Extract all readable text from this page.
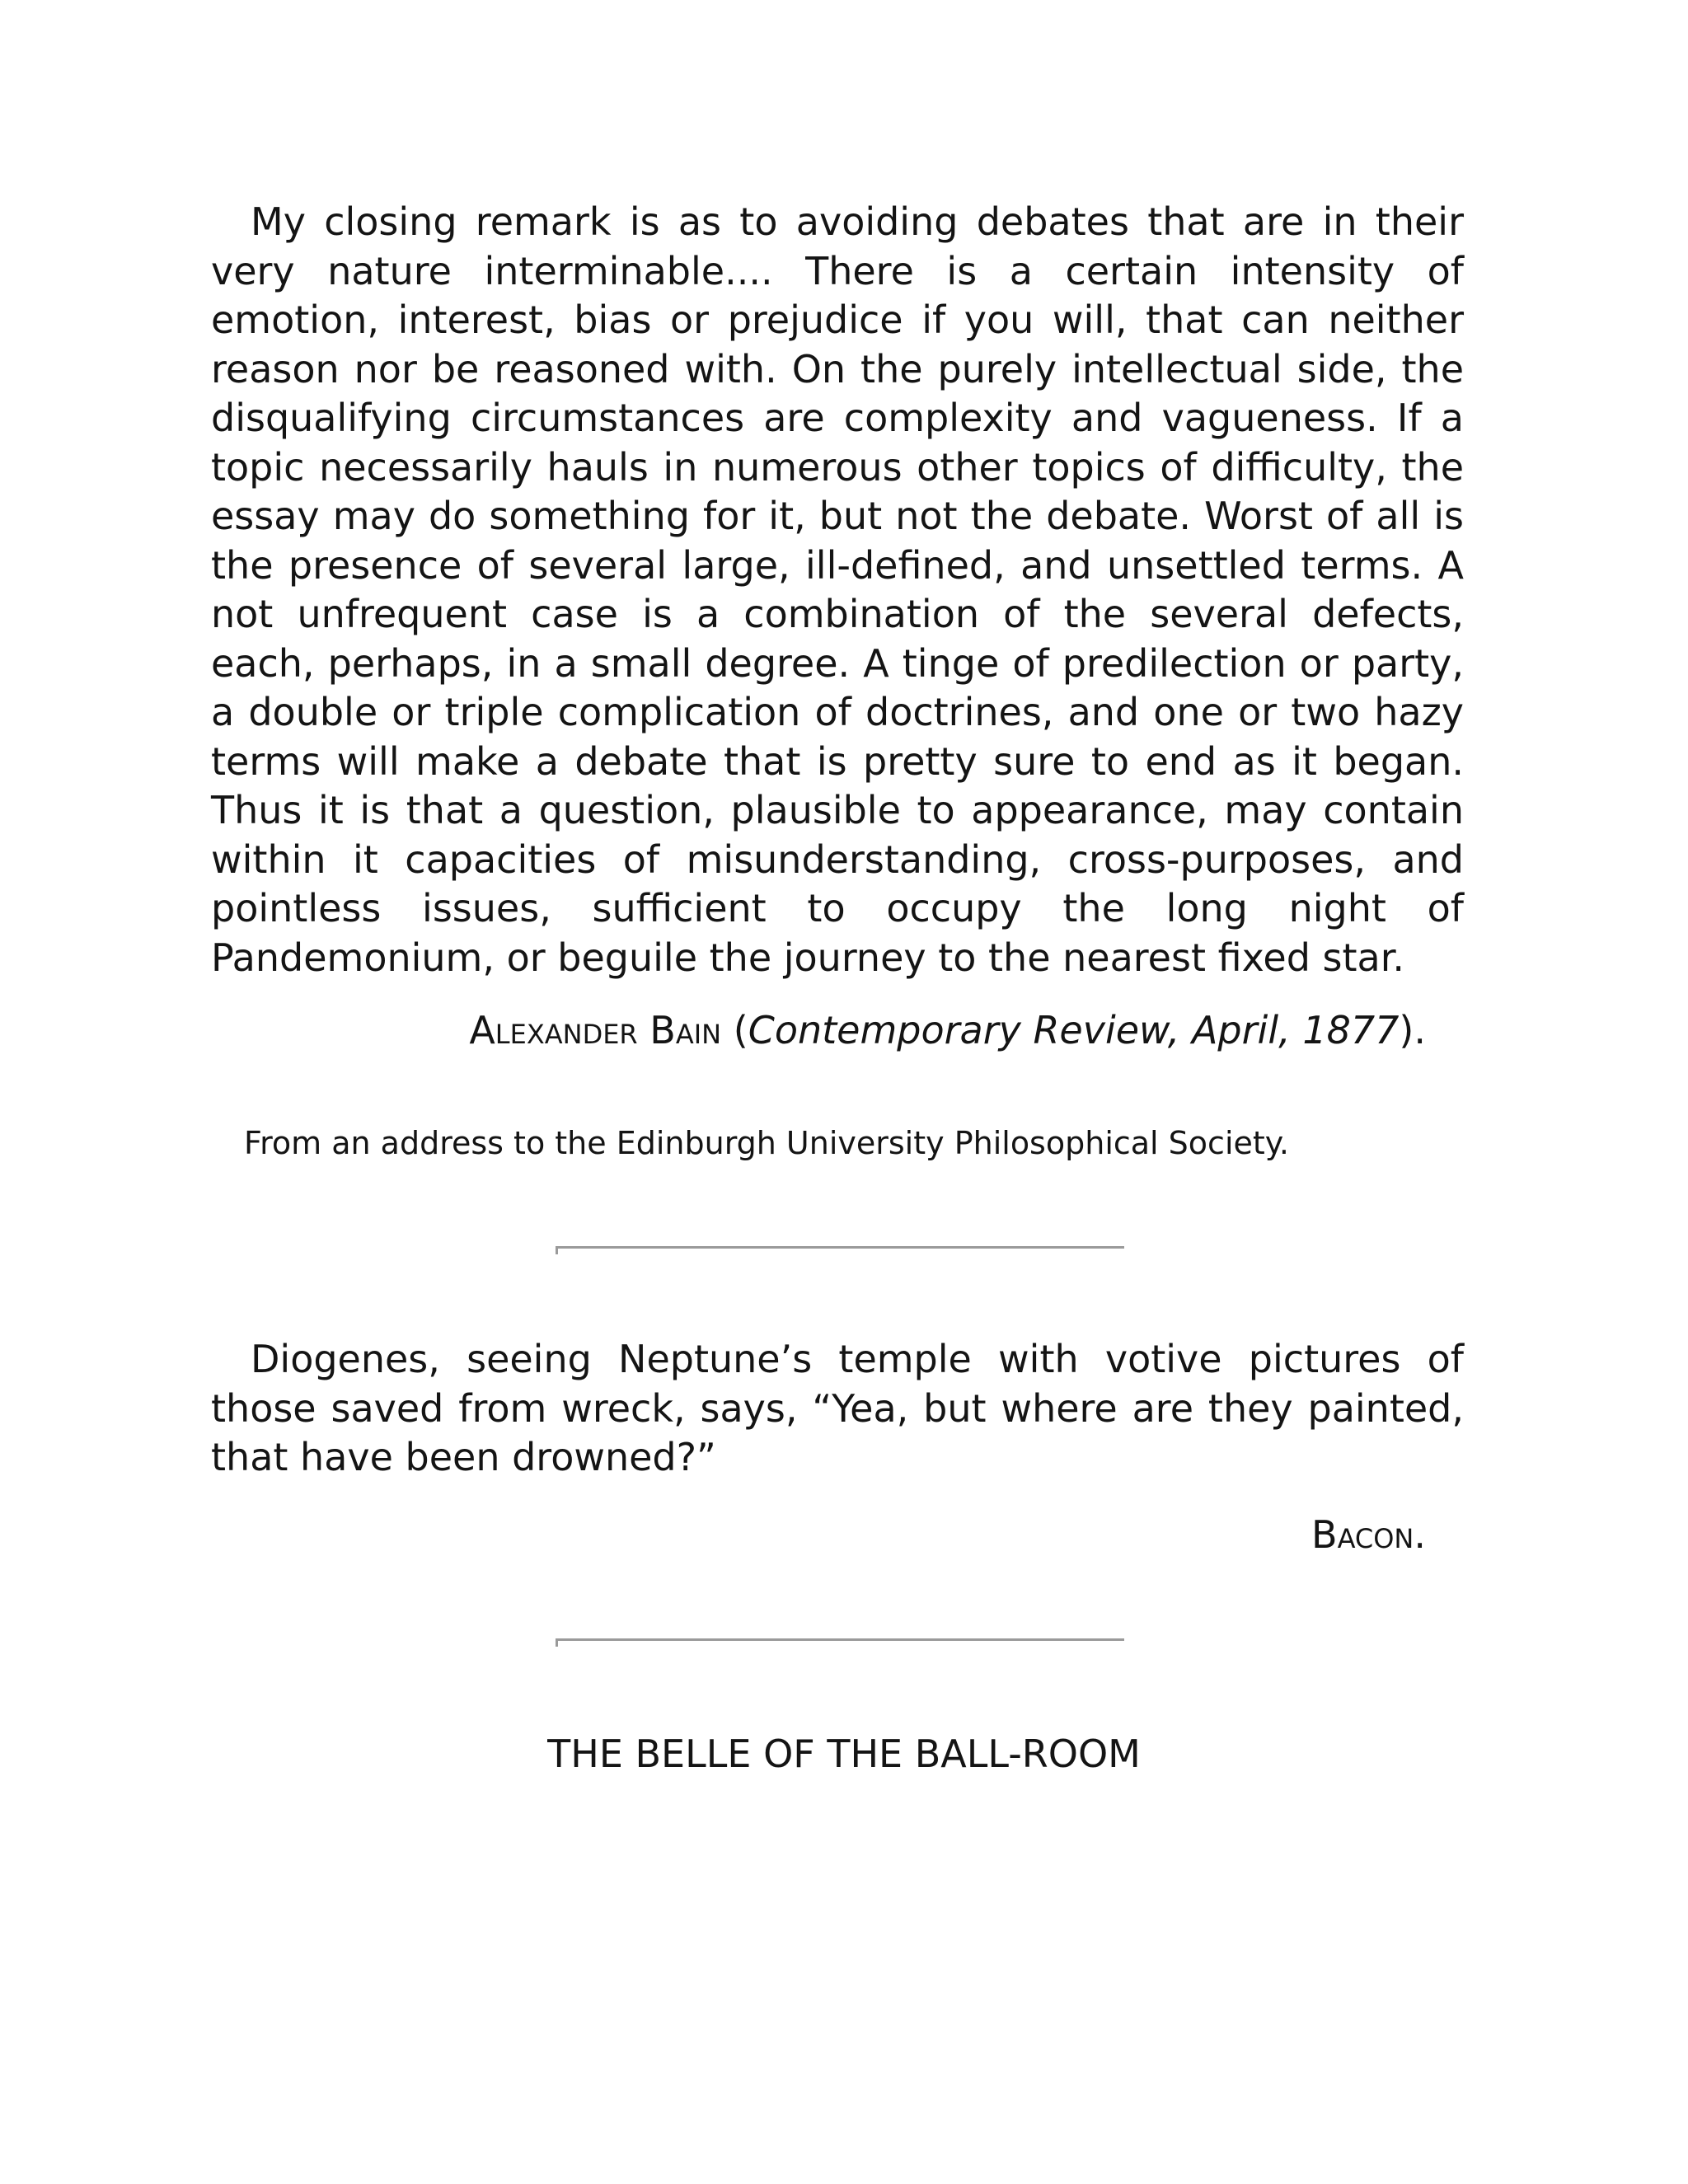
My closing remark is as to avoiding debates that are in their very nature interminable.... There is a certain intensity of emotion, interest, bias or prejudice if you will, that can neither reason nor be reasoned with. On the purely intellectual side, the disqualifying circumstances are complexity and vagueness. If a topic necessarily hauls in numerous other topics of difficulty, the essay may do something for it, but not the debate. Worst of all is the presence of several large, ill-defined, and unsettled terms. A not unfrequent case is a combination of the several defects, each, perhaps, in a small degree. A tinge of predilection or party, a double or triple complication of doctrines, and one or two hazy terms will make a debate that is pretty sure to end as it began. Thus it is that a question, plausible to appearance, may contain within it capacities of misunderstanding, cross-purposes, and pointless issues, sufficient to occupy the long night of Pandemonium, or beguile the journey to the nearest fixed star.

Alexander Bain (Contemporary Review, April, 1877).

From an address to the Edinburgh University Philosophical Society.

Diogenes, seeing Neptune’s temple with votive pictures of those saved from wreck, says, “Yea, but where are they painted, that have been drowned?”

Bacon.

THE BELLE OF THE BALL-ROOM
